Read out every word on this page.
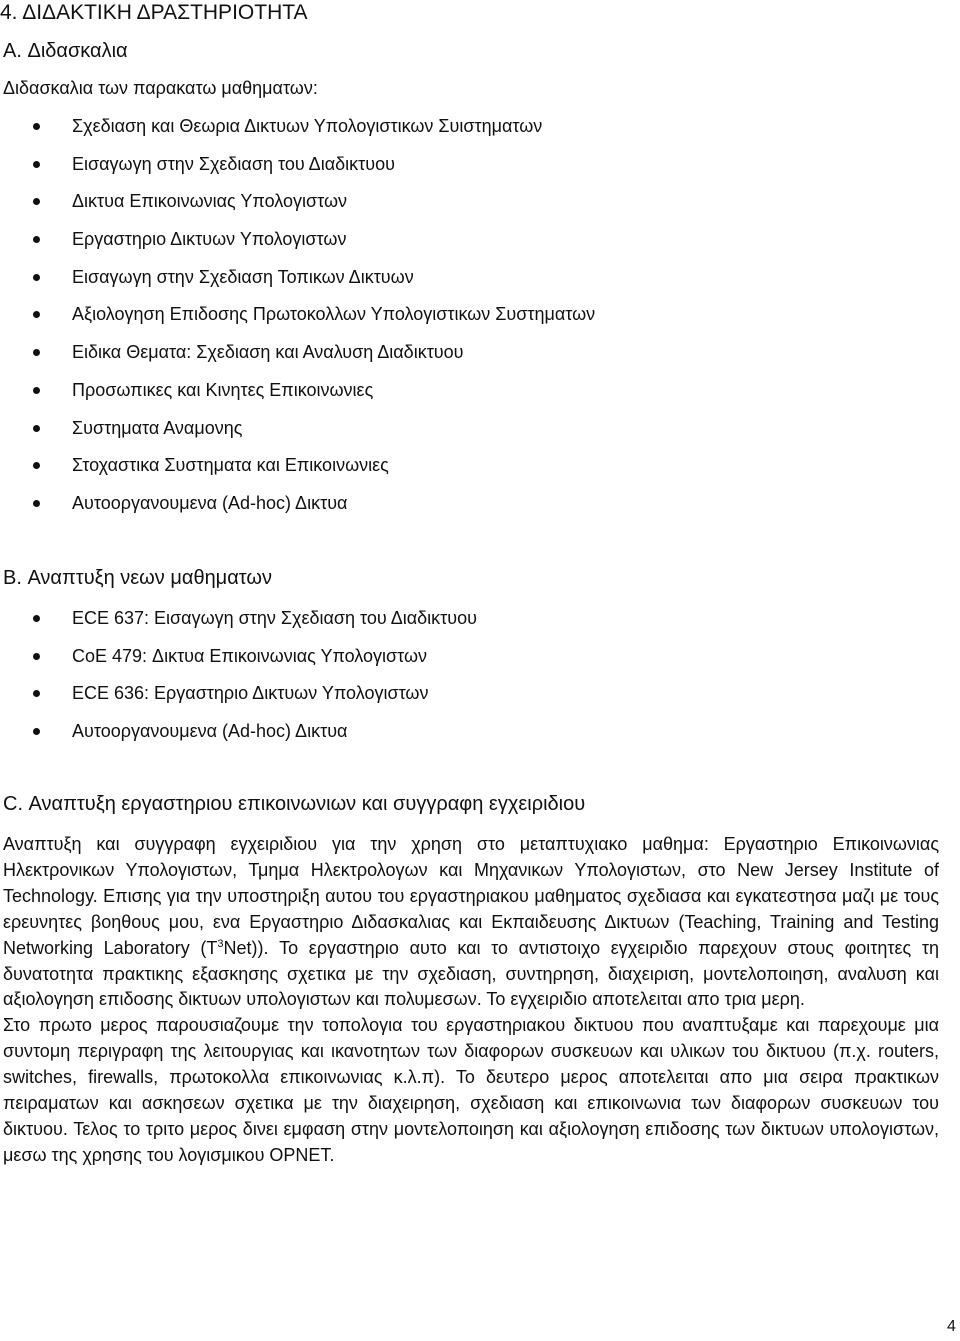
4. ΔΙΔΑΚΤΙΚΗ ΔΡΑΣΤΗΡΙΟΤΗΤΑ
A. Διδασκαλια
Διδασκαλια των παρακατω μαθηματων:
Σχεδιαση και Θεωρια Δικτυων Υπολογιστικων Συιστηματων
Εισαγωγη στην Σχεδιαση του Διαδικτυου
Δικτυα Επικοινωνιας Υπολογιστων
Εργαστηριο Δικτυων Υπολογιστων
Εισαγωγη στην Σχεδιαση Τοπικων Δικτυων
Αξιολογηση Επιδοσης Πρωτοκολλων Υπολογιστικων Συστηματων
Ειδικα Θεματα: Σχεδιαση και Αναλυση Διαδικτυου
Προσωπικες και Κινητες Επικοινωνιες
Συστηματα Αναμονης
Στοχαστικα Συστηματα και Επικοινωνιες
Αυτοοργανουμενα (Ad-hoc) Δικτυα
B. Αναπτυξη νεων μαθηματων
ECE 637: Εισαγωγη στην Σχεδιαση του Διαδικτυου
CoE 479: Δικτυα Επικοινωνιας Υπολογιστων
ECE 636: Εργαστηριο Δικτυων Υπολογιστων
Αυτοοργανουμενα (Ad-hoc) Δικτυα
C. Αναπτυξη εργαστηριου επικοινωνιων και συγγραφη εγχειριδιου

Αναπτυξη και συγγραφη εγχειριδιου για την χρηση στο μεταπτυχιακο μαθημα: Εργαστηριο Επικοινωνιας Ηλεκτρονικων Υπολογιστων, Τμημα Ηλεκτρολογων και Μηχανικων Υπολογιστων, στο New Jersey Institute of Technology. Επισης για την υποστηριξη αυτου του εργαστηριακου μαθηματος σχεδιασα και εγκατεστησα μαζι με τους ερευνητες βοηθους μου, ενα Εργαστηριο Διδασκαλιας και Εκπαιδευσης Δικτυων (Teaching, Training and Testing Networking Laboratory $(T^3Net)$). Το εργαστηριο αυτο και το αντιστοιχο εγχειριδιο παρεχουν στους φοιτητες τη δυνατοτητα πρακτικης εξασκησης σχετικα με την σχεδιαση, συντηρηση, διαχειριση, μοντελοποιηση, αναλυση και αξιολογηση επιδοσης δικτυων υπολογιστων και πολυμεσων. Το εγχειριδιο αποτελειται απο τρια μερη.
Στο πρωτο μερος παρουσιαζουμε την τοπολογια του εργαστηριακου δικτυου που αναπτυξαμε και παρεχουμε μια συντομη περιγραφη της λειτουργιας και ικανοτητων των διαφορων συσκευων και υλικων του δικτυου (π.χ. routers, switches, firewalls, πρωτοκολλα επικοινωνιας κ.λ.π). Το δευτερο μερος αποτελειται απο μια σειρα πρακτικων πειραματων και ασκησεων σχετικα με την διαχειρηση, σχεδιαση και επικοινωνια των διαφορων συσκευων του δικτυου. Τελος το τριτο μερος δινει εμφαση στην μοντελοποιηση και αξιολογηση επιδοσης των δικτυων υπολογιστων, μεσω της χρησης του λογισμικου OPNET.

4
